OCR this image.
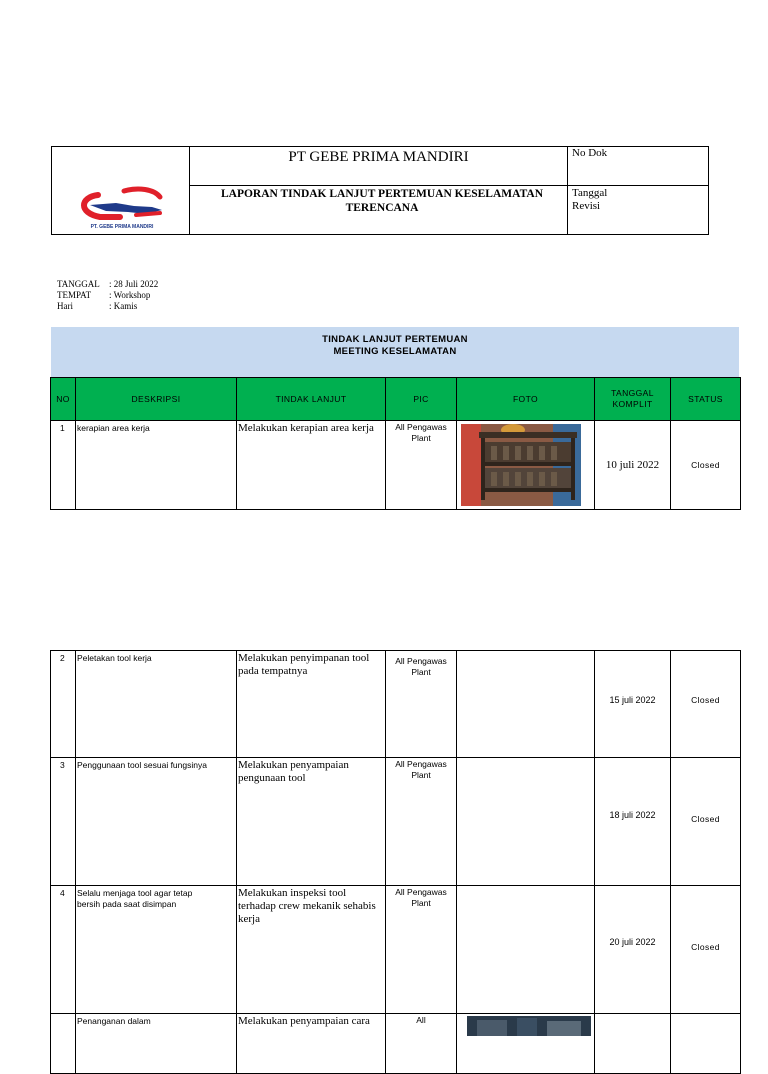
PT GEBE PRIMA MANDIRI
LAPORAN TINDAK LANJUT PERTEMUAN KESELAMATAN TERENCANA
No Dok
Tanggal
Revisi
PT. GEBE PRIMA MANDIRI
TANGGAL : 28 Juli 2022
TEMPAT : Workshop
Hari	: Kamis
TINDAK LANJUT PERTEMUAN
MEETING KESELAMATAN
NO	DESKRIPSI	TINDAK LANJUT	PIC	FOTO	TANGGAL KOMPLIT	STATUS
1	kerapian area kerja	Melakukan kerapian area kerja	All Pengawas Plant		10 juli 2022	Closed
2	Peletakan tool kerja	Melakukan penyimpanan tool pada tempatnya	All Pengawas Plant		15 juli 2022	Closed
3	Penggunaan tool sesuai fungsinya	Melakukan penyampaian pengunaan tool	All Pengawas Plant		18 juli 2022	Closed
4	Selalu menjaga tool agar tetap bersih pada saat disimpan	Melakukan inspeksi tool terhadap crew mekanik sehabis kerja	All Pengawas Plant		20 juli 2022	Closed
	Penanganan dalam	Melakukan penyampaian cara	All			
